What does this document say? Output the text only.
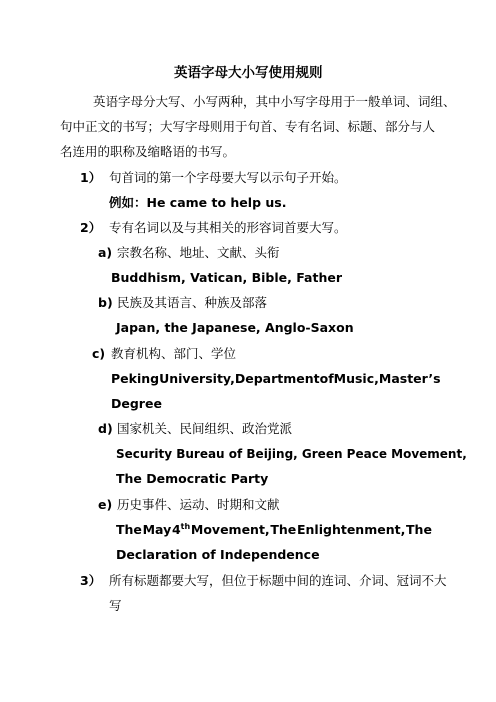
英语字母大小写使用规则
英语字母分大写、小写两种，其中小写字母用于一般单词、词组、
句中正文的书写；大写字母则用于句首、专有名词、标题、部分与人
名连用的职称及缩略语的书写。
1） 句首词的第一个字母要大写以示句子开始。
例如：He came to help us.
2） 专有名词以及与其相关的形容词首要大写。
a) 宗教名称、地址、文献、头衔
Buddhism, Vatican, Bible, Father
b) 民族及其语言、种族及部落
Japan, the Japanese, Anglo-Saxon
c) 教育机构、部门、学位
Peking University, Department of Music, Master’s
Degree
d) 国家机关、民间组织、政治党派
Security Bureau of Beijing, Green Peace Movement,
The Democratic Party
e) 历史事件、运动、时期和文献
The May 4th Movement, The Enlightenment, The
Declaration of Independence
3） 所有标题都要大写，但位于标题中间的连词、介词、冠词不大
写
